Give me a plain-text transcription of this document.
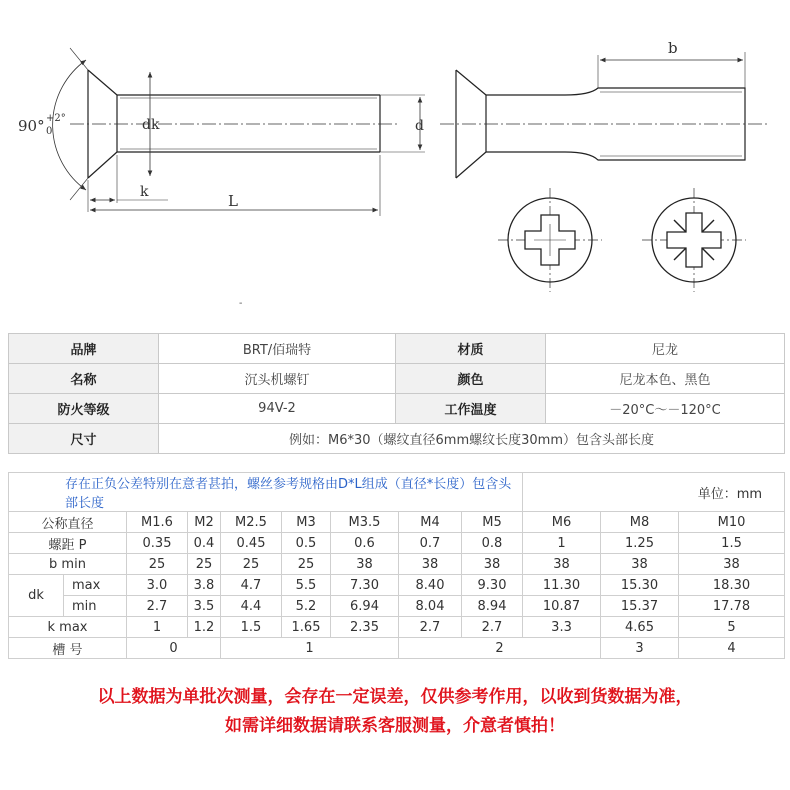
90° +2°
0	dk	d
k	L
b
-
品牌	BRT/佰瑞特	材质	尼龙
名称	沉头机螺钉	颜色	尼龙本色、黑色
防火等级	94V-2	工作温度	－20°C～－120°C
尺寸	例如：M6*30（螺纹直径6mm螺纹长度30mm）包含头部长度		
存在正负公差特别在意者甚拍，螺丝参考规格由D*L组成（直径*长度）包含头部长度									单位：mm		
公称直径		M1.6	M2	M2.5	M3	M3.5	M4	M5	M6	M8	M10
螺距 P		0.35	0.4	0.45	0.5	0.6	0.7	0.8	1	1.25	1.5
b min		25	25	25	25	38	38	38	38	38	38
dk	max	3.0	3.8	4.7	5.5	7.30	8.40	9.30	11.30	15.30	18.30
	min	2.7	3.5	4.4	5.2	6.94	8.04	8.94	10.87	15.37	17.78
k max		1	1.2	1.5	1.65	2.35	2.7	2.7	3.3	4.65	5
槽 号		0		1			2			3	4
以上数据为单批次测量，会存在一定误差，仅供参考作用，以收到货数据为准，
如需详细数据请联系客服测量，介意者慎拍！
